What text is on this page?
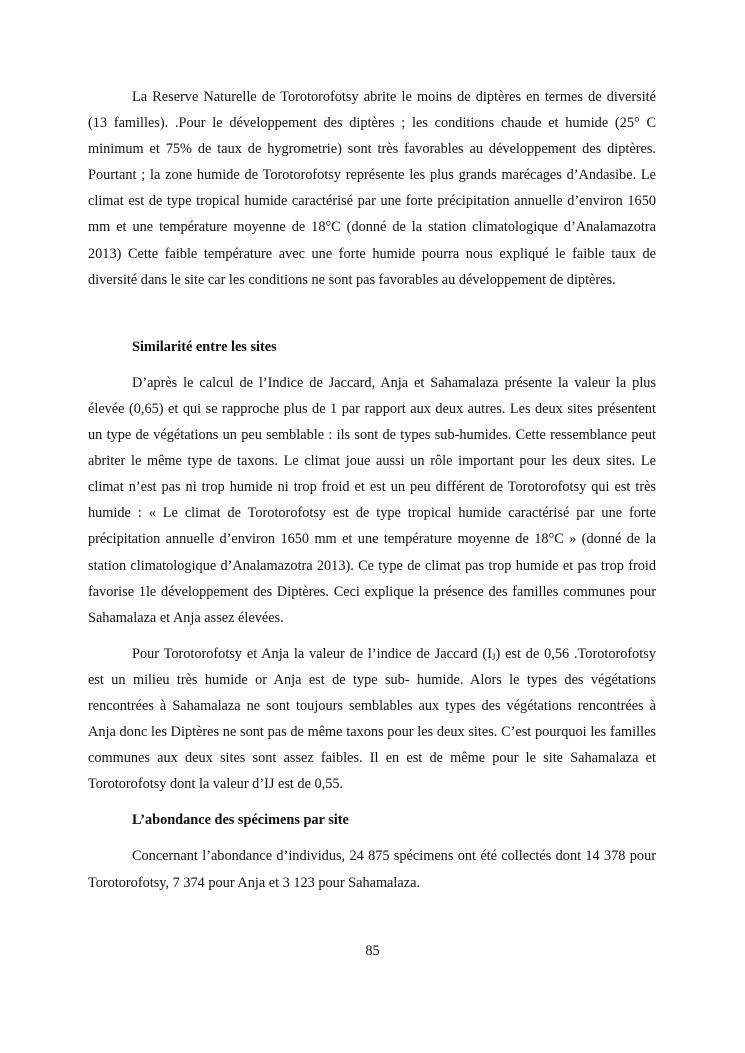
La Reserve Naturelle de Torotorofotsy abrite le moins de diptères en termes de diversité (13 familles). .Pour le développement des diptères ; les conditions chaude et humide (25° C minimum et 75% de taux de hygrometrie) sont très favorables au développement des diptères. Pourtant ; la zone humide de Torotorofotsy représente les plus grands marécages d’Andasibe. Le climat est de type tropical humide caractérisé par une forte précipitation annuelle d’environ 1650 mm et une température moyenne de 18°C (donné de la station climatologique d’Analamazotra 2013) Cette faible température avec une forte humide pourra nous expliqué le faible taux de diversité dans le site car les conditions ne sont pas favorables au développement de diptères.

Similarité entre les sites

D’après le calcul de l’Indice de Jaccard, Anja et Sahamalaza présente la valeur la plus élevée (0,65) et qui se rapproche plus de 1 par rapport aux deux autres. Les deux sites présentent un type de végétations un peu semblable : ils sont de types sub-humides. Cette ressemblance peut abriter le même type de taxons. Le climat joue aussi un rôle important pour les deux sites. Le climat n’est pas ni trop humide ni trop froid et est un peu différent de Torotorofotsy qui est très humide : « Le climat de Torotorofotsy est de type tropical humide caractérisé par une forte précipitation annuelle d’environ 1650 mm et une température moyenne de 18°C » (donné de la station climatologique d’Analamazotra 2013). Ce type de climat pas trop humide et pas trop froid favorise 1le développement des Diptères. Ceci explique la présence des familles communes pour Sahamalaza et Anja assez élevées.

Pour Torotorofotsy et Anja la valeur de l’indice de Jaccard $(I_J)$ est de 0,56 .Torotorofotsy est un milieu très humide or Anja est de type sub- humide. Alors le types des végétations rencontrées à Sahamalaza ne sont toujours semblables aux types des végétations rencontrées à Anja donc les Diptères ne sont pas de même taxons pour les deux sites. C’est pourquoi les familles communes aux deux sites sont assez faibles. Il en est de même pour le site Sahamalaza et Torotorofotsy dont la valeur d’IJ est de 0,55.

L’abondance des spécimens par site

Concernant l’abondance d’individus, 24 875 spécimens ont été collectés dont 14 378 pour Torotorofotsy, 7 374 pour Anja et 3 123 pour Sahamalaza.

85
